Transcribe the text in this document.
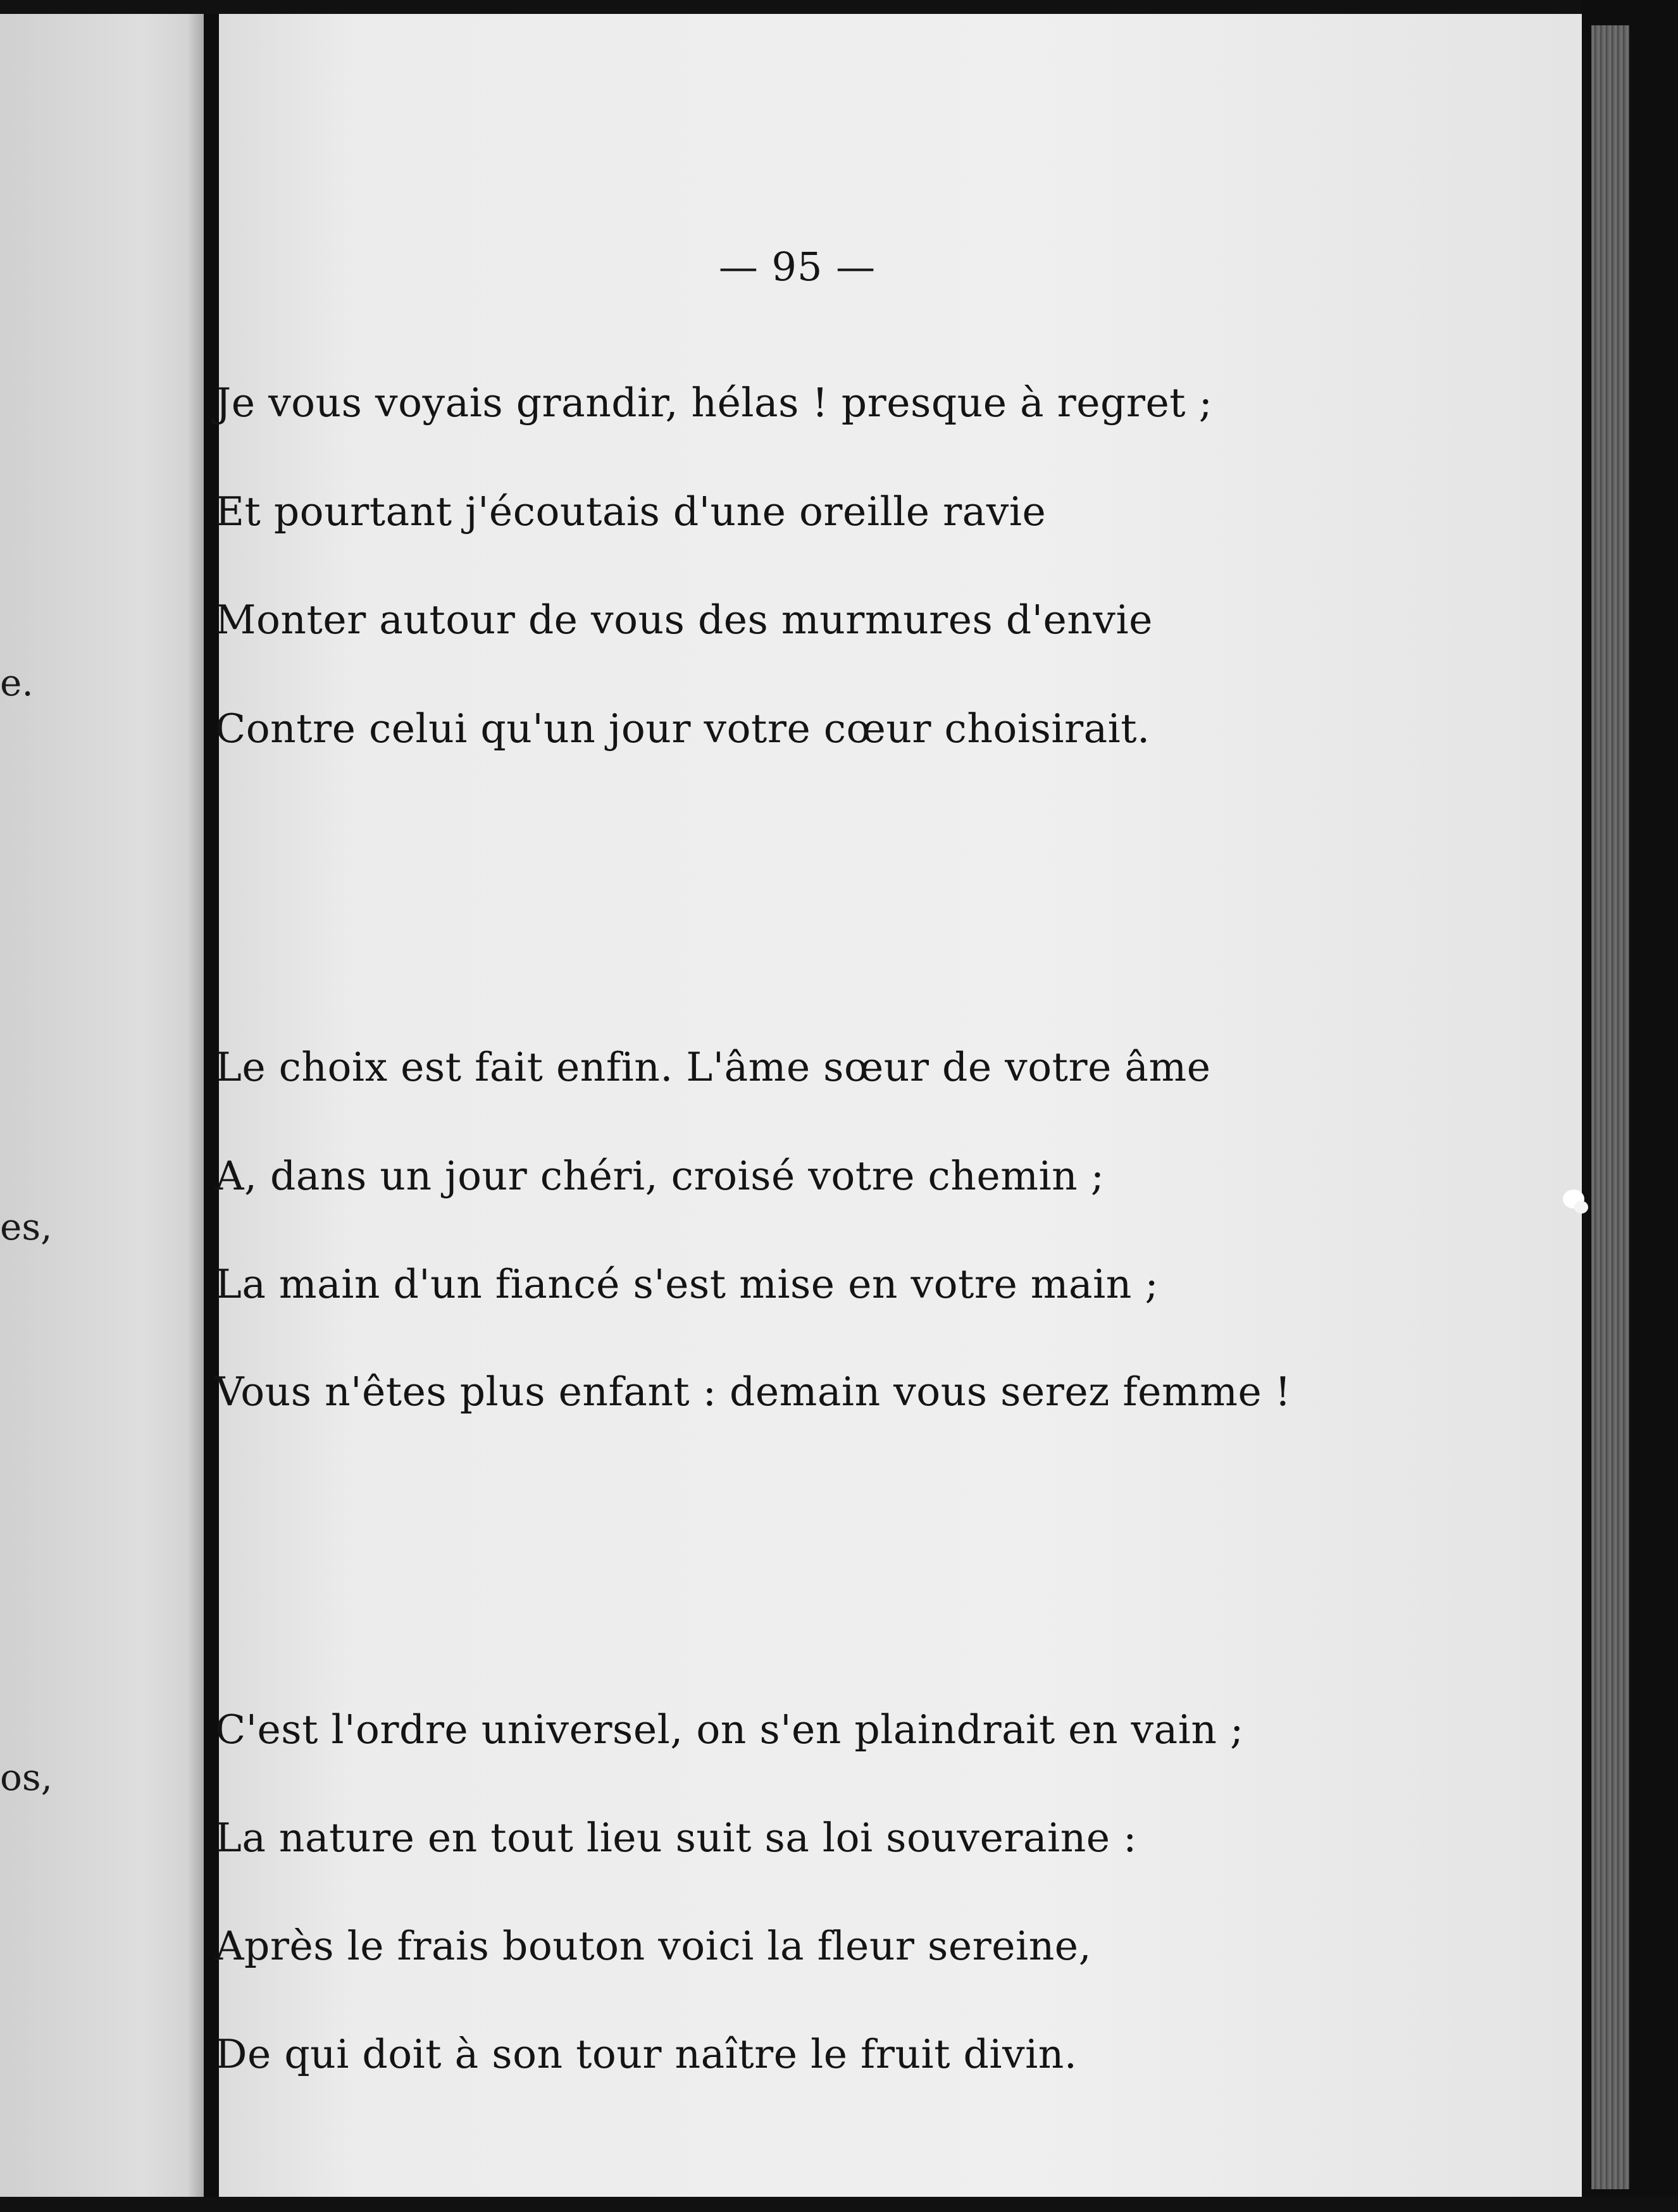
e.
es,
os,
— 95 —
Je vous voyais grandir, hélas ! presque à regret ;
Et pourtant j'écoutais d'une oreille ravie
Monter autour de vous des murmures d'envie
Contre celui qu'un jour votre cœur choisirait.
Le choix est fait enfin. L'âme sœur de votre âme
A, dans un jour chéri, croisé votre chemin ;
La main d'un fiancé s'est mise en votre main ;
Vous n'êtes plus enfant : demain vous serez femme !
C'est l'ordre universel, on s'en plaindrait en vain ;
La nature en tout lieu suit sa loi souveraine :
Après le frais bouton voici la fleur sereine,
De qui doit à son tour naître le fruit divin.
